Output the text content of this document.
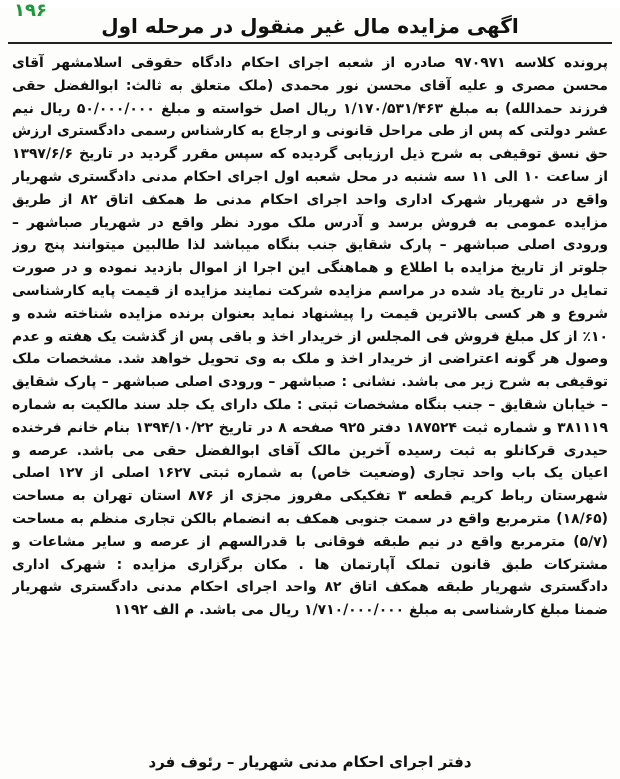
۱۹۶
اگهی مزایده مال غیر منقول در مرحله اول

پرونده کلاسه ۹۷۰۹۷۱ صادره از شعبه اجرای احکام دادگاه حقوقی اسلامشهر آقای محسن مصری و علیه آقای محسن نور محمدی (ملک متعلق به ثالث: ابوالفضل حقی فرزند حمدالله) به مبلغ ۱/۱۷۰/۵۳۱/۴۶۳ ریال اصل خواسته و مبلغ ۵۰/۰۰۰/۰۰۰ ریال نیم عشر دولتی که پس از طی مراحل قانونی و ارجاع به کارشناس رسمی دادگستری ارزش حق نسق توقیفی به شرح ذیل ارزیابی گردیده که سپس مقرر گردید در تاریخ ۱۳۹۷/۶/۶ از ساعت ۱۰ الی ۱۱ سه شنبه در محل شعبه اول اجرای احکام مدنی دادگستری شهریار واقع در شهریار شهرک اداری واحد اجرای احکام مدنی ط همکف اتاق ۸۲ از طریق مزایده عمومی به فروش برسد و آدرس ملک مورد نظر واقع در شهریار صباشهر – ورودی اصلی صباشهر – پارک شقایق جنب بنگاه میباشد لذا طالبین میتوانند پنج روز جلوتر از تاریخ مزایده با اطلاع و هماهنگی این اجرا از اموال بازدید نموده و در صورت تمایل در تاریخ یاد شده در مراسم مزایده شرکت نمایند مزایده از قیمت پایه کارشناسی شروع و هر کسی بالاترین قیمت را پیشنهاد نماید بعنوان برنده مزایده شناخته شده و ۱۰٪ از کل مبلغ فروش فی المجلس از خریدار اخذ و باقی پس از گذشت یک هفته و عدم وصول هر گونه اعتراضی از خریدار اخذ و ملک به وی تحویل خواهد شد. مشخصات ملک توقیفی به شرح زیر می باشد. نشانی : صباشهر – ورودی اصلی صباشهر – پارک شقایق – خیابان شقایق – جنب بنگاه مشخصات ثبتی : ملک دارای یک جلد سند مالکیت به شماره ۳۸۱۱۱۹ و شماره ثبت ۱۸۷۵۲۴ دفتر ۹۲۵ صفحه ۸ در تاریخ ۱۳۹۴/۱۰/۲۲ بنام خانم فرخنده حیدری قرکانلو به ثبت رسیده آخرین مالک آقای ابوالفضل حقی می باشد. عرصه و اعیان یک باب واحد تجاری (وضعیت خاص) به شماره ثبتی ۱۶۲۷ اصلی از ۱۲۷ اصلی شهرستان رباط کریم قطعه ۳ تفکیکی مفروز مجزی از ۸۷۶ استان تهران به مساحت (۱۸/۶۵) مترمربع واقع در سمت جنوبی همکف به انضمام بالکن تجاری منظم به مساحت (۵/۷) مترمربع واقع در نیم طبقه فوقانی با قدرالسهم از عرصه و سایر مشاعات و مشترکات طبق قانون تملک آپارتمان ها . مکان برگزاری مزایده : شهرک اداری دادگستری شهریار طبقه همکف اتاق ۸۲ واحد اجرای احکام مدنی دادگستری شهریار ضمنا مبلغ کارشناسی به مبلغ ۱/۷۱۰/۰۰۰/۰۰۰ ریال می باشد. م الف ۱۱۹۲

دفتر اجرای احکام مدنی شهریار – رئوف فرد
